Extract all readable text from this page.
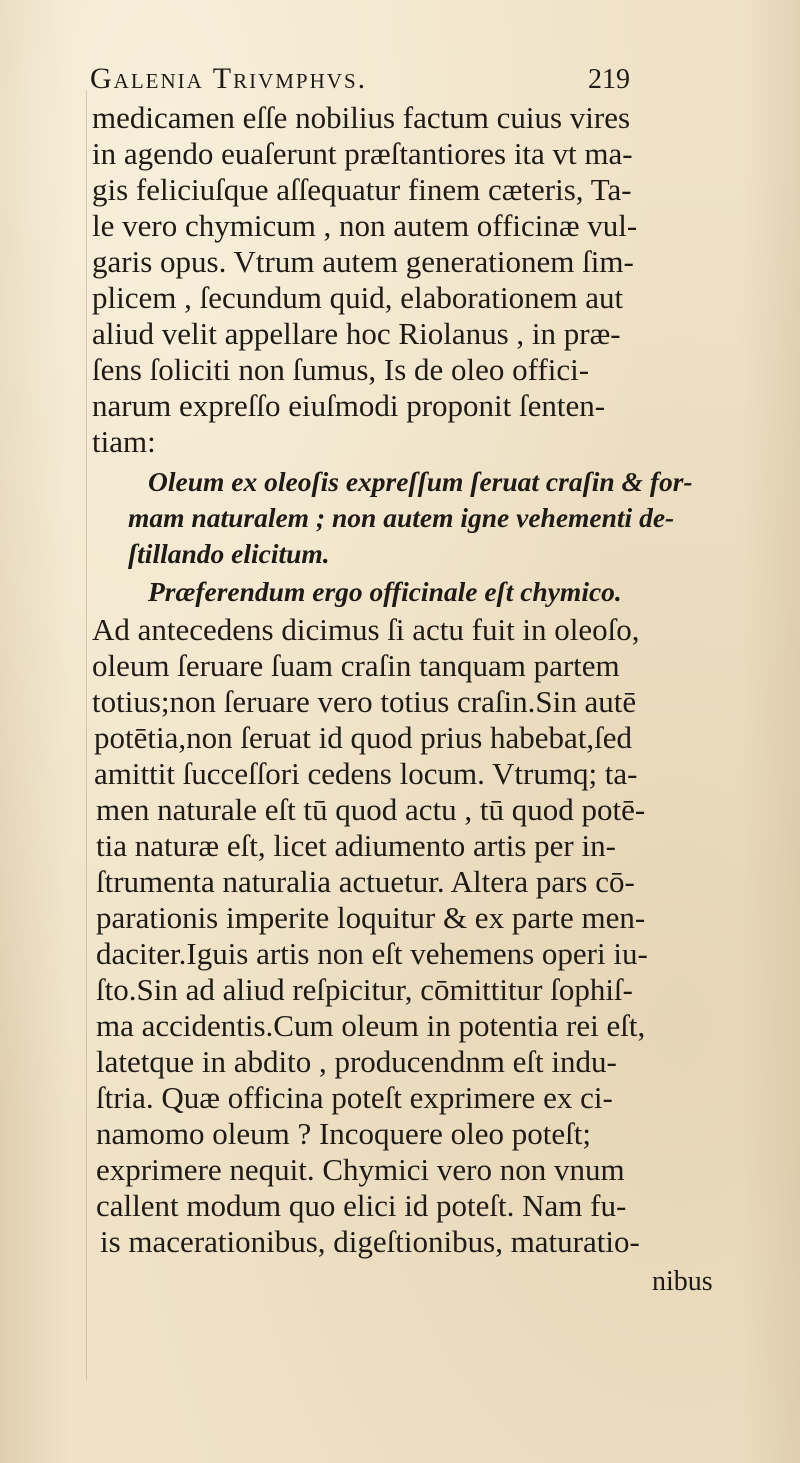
Galenia Trivmphvs.	219
medicamen eſſe nobilius factum cuius vires
in agendo euaſerunt præſtantiores ita vt ma-
gis feliciuſque aſſequatur finem cæteris, Ta-
le vero chymicum , non autem officinæ vul-
garis opus. Vtrum autem generationem ſim-
plicem , ſecundum quid, elaborationem aut
aliud velit appellare hoc Riolanus , in præ-
ſens ſoliciti non ſumus, Is de oleo offici-
narum expreſſo eiuſmodi proponit ſenten-
tiam:
Oleum ex oleoſis expreſſum ſeruat craſin & for-
mam naturalem ; non autem igne vehementi de-
ſtillando elicitum.
Præferendum ergo officinale eſt chymico.
Ad antecedens dicimus ſi actu fuit in oleoſo,
oleum ſeruare ſuam craſin tanquam partem
totius;non ſeruare vero totius craſin.Sin autē
potētia,non ſeruat id quod prius habebat,ſed
amittit ſucceſſori cedens locum. Vtrumq; ta-
men naturale eſt tū quod actu , tū quod potē-
tia naturæ eſt, licet adiumento artis per in-
ſtrumenta naturalia actuetur. Altera pars cō-
parationis imperite loquitur & ex parte men-
daciter.Iguis artis non eſt vehemens operi iu-
ſto.Sin ad aliud reſpicitur, cōmittitur ſophiſ-
ma accidentis.Cum oleum in potentia rei eſt,
latetque in abdito , producendnm eſt indu-
ſtria. Quæ officina poteſt exprimere ex ci-
namomo oleum ? Incoquere oleo poteſt;
exprimere nequit. Chymici vero non vnum
callent modum quo elici id poteſt. Nam fu-
is macerationibus, digeſtionibus, maturatio-
nibus
